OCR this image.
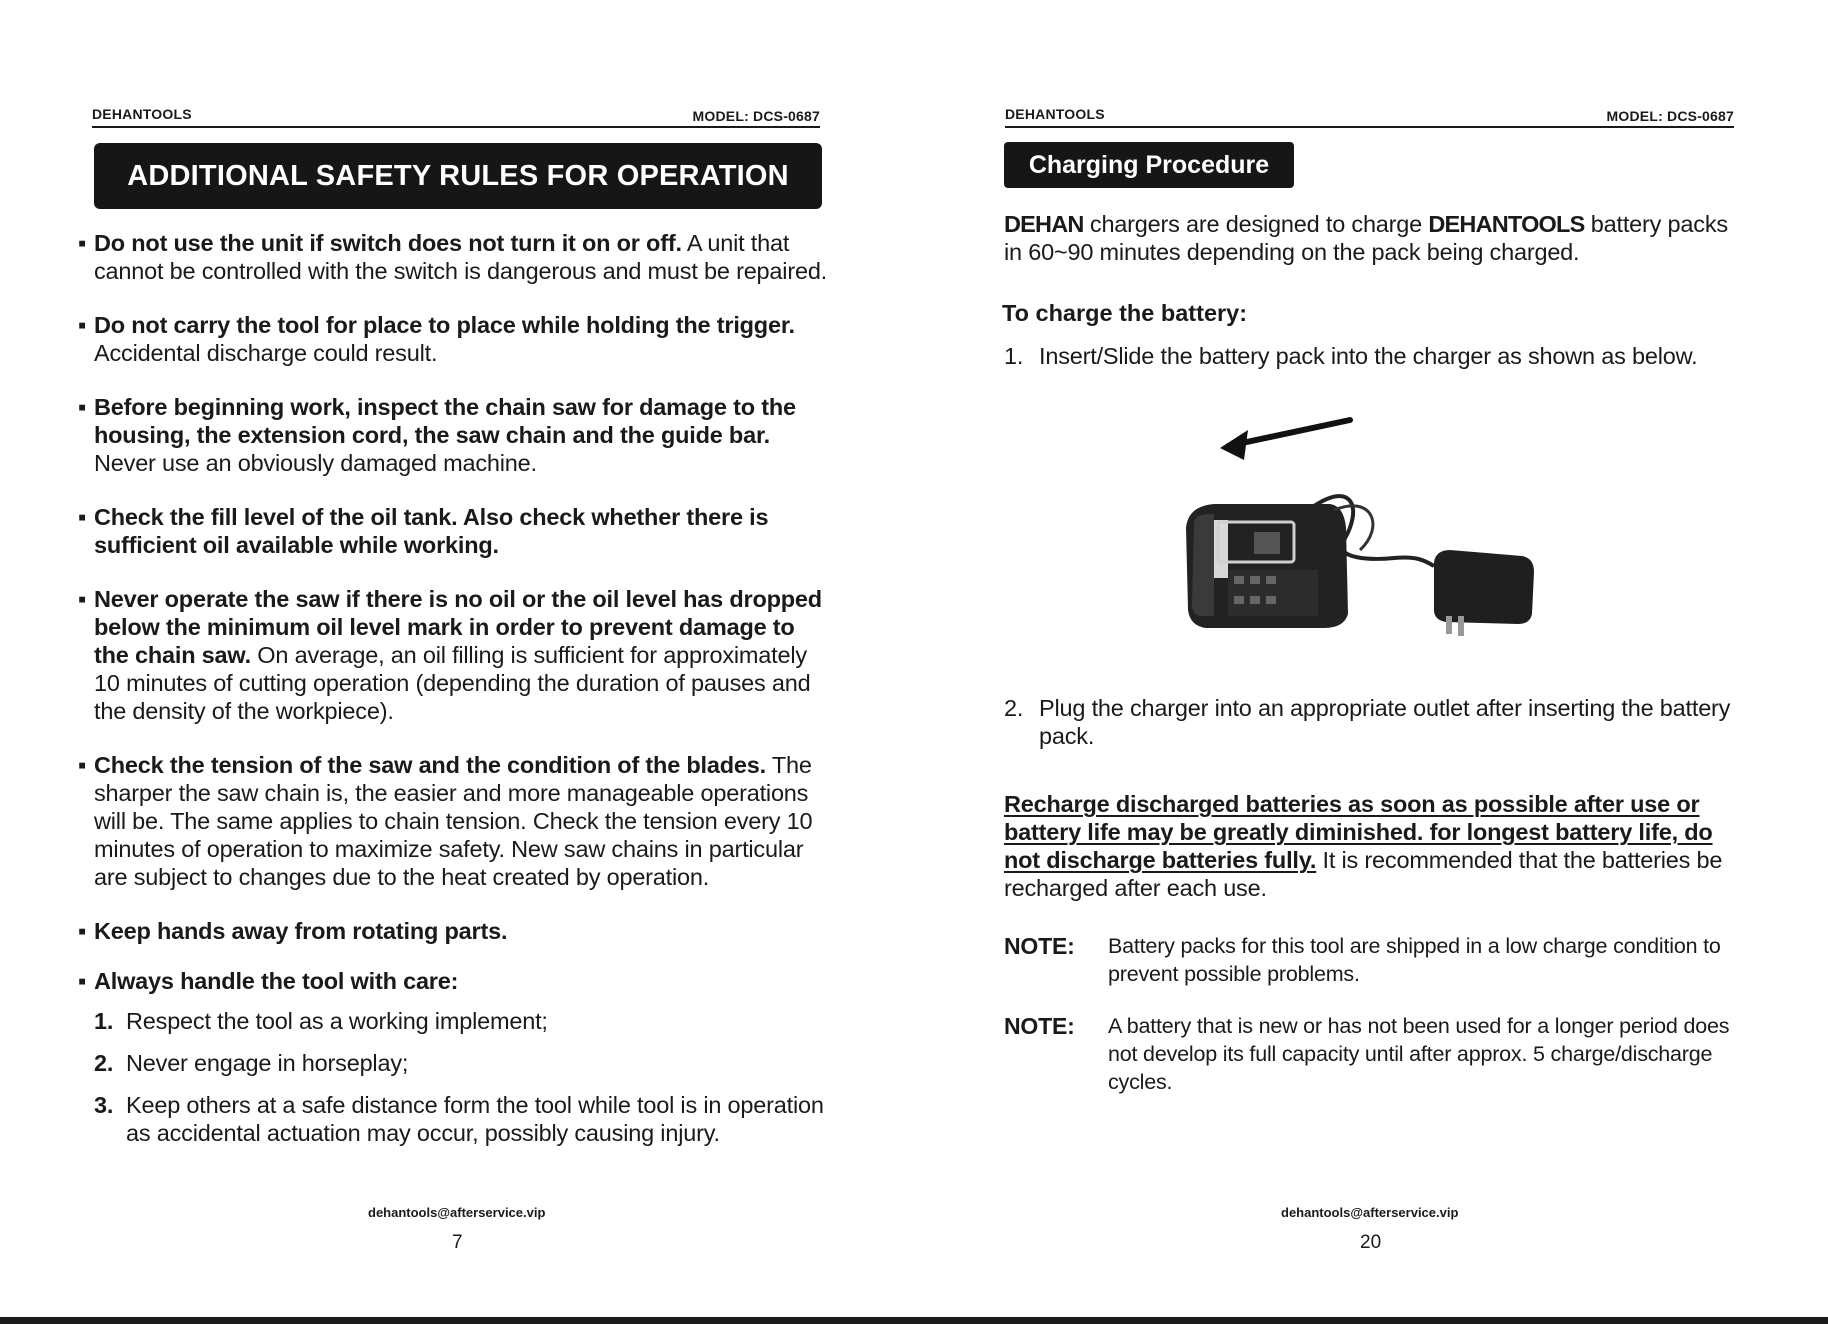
DEHANTOOLS	MODEL: DCS-0687
ADDITIONAL SAFETY RULES FOR OPERATION
▪ Do not use the unit if switch does not turn it on or off. A unit that cannot be controlled with the switch is dangerous and must be repaired.
▪ Do not carry the tool for place to place while holding the trigger. Accidental discharge could result.
▪ Before beginning work, inspect the chain saw for damage to the housing, the extension cord, the saw chain and the guide bar. Never use an obviously damaged machine.
▪ Check the fill level of the oil tank. Also check whether there is sufficient oil available while working.
▪ Never operate the saw if there is no oil or the oil level has dropped below the minimum oil level mark in order to prevent damage to the chain saw. On average, an oil filling is sufficient for approximately 10 minutes of cutting operation (depending the duration of pauses and the density of the workpiece).
▪ Check the tension of the saw and the condition of the blades. The sharper the saw chain is, the easier and more manageable operations will be. The same applies to chain tension. Check the tension every 10 minutes of operation to maximize safety. New saw chains in particular are subject to changes due to the heat created by operation.
▪ Keep hands away from rotating parts.
▪ Always handle the tool with care:
1. Respect the tool as a working implement;
2. Never engage in horseplay;
3. Keep others at a safe distance form the tool while tool is in operation as accidental actuation may occur, possibly causing injury.
dehantools@afterservice.vip
7
DEHANTOOLS	MODEL: DCS-0687
Charging Procedure
DEHAN chargers are designed to charge DEHANTOOLS battery packs in 60~90 minutes depending on the pack being charged.
To charge the battery:
1. Insert/Slide the battery pack into the charger as shown as below.
2. Plug the charger into an appropriate outlet after inserting the battery pack.
Recharge discharged batteries as soon as possible after use or battery life may be greatly diminished. for longest battery life, do not discharge batteries fully. It is recommended that the batteries be recharged after each use.
NOTE:	Battery packs for this tool are shipped in a low charge condition to prevent possible problems.
NOTE:	A battery that is new or has not been used for a longer period does not develop its full capacity until after approx. 5 charge/discharge cycles.
dehantools@afterservice.vip
20
